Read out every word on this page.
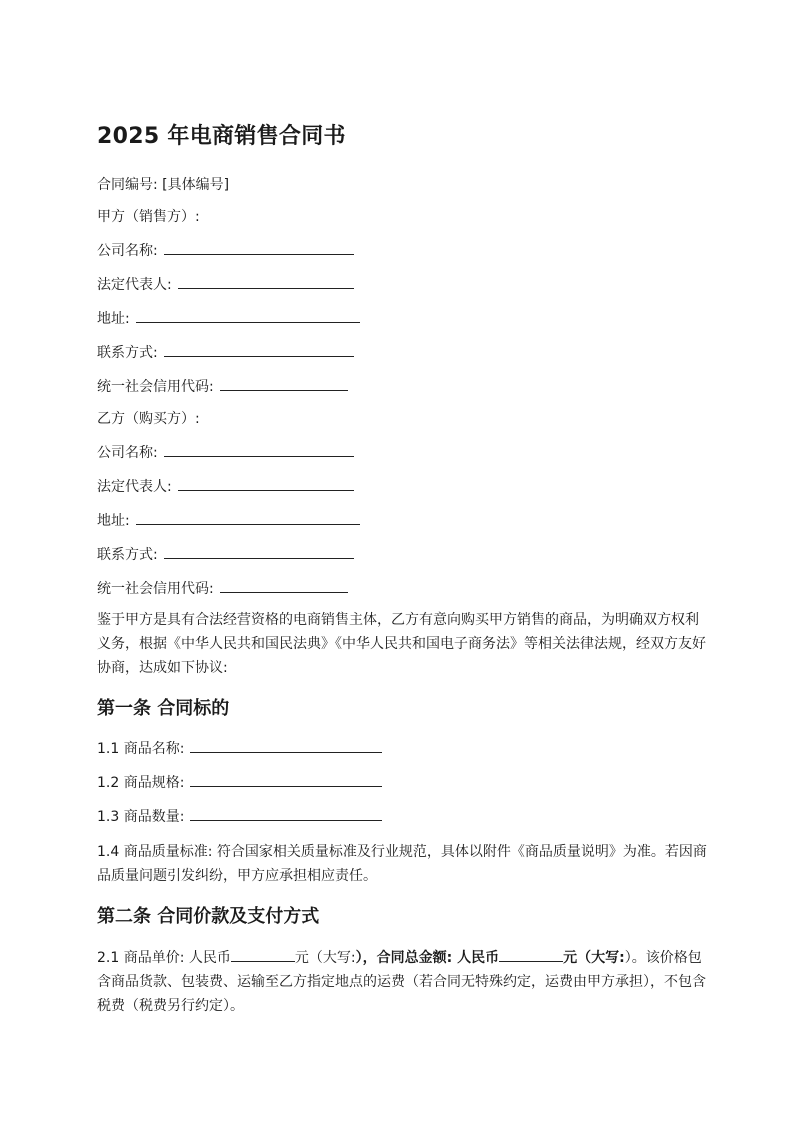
2025 年电商销售合同书
合同编号: [具体编号]
甲方（销售方）:
公司名称:
法定代表人:
地址:
联系方式:
统一社会信用代码:
乙方（购买方）:
公司名称:
法定代表人:
地址:
联系方式:
统一社会信用代码:
鉴于甲方是具有合法经营资格的电商销售主体，乙方有意向购买甲方销售的商品，为明确双方权利义务，根据《中华人民共和国民法典》《中华人民共和国电子商务法》等相关法律法规，经双方友好协商，达成如下协议:
第一条 合同标的
1.1 商品名称:
1.2 商品规格:
1.3 商品数量:
1.4 商品质量标准: 符合国家相关质量标准及行业规范，具体以附件《商品质量说明》为准。若因商品质量问题引发纠纷，甲方应承担相应责任。
第二条 合同价款及支付方式
2.1 商品单价: 人民币	元（大写:），合同总金额: 人民币	元（大写:）。该价格包含商品货款、包装费、运输至乙方指定地点的运费（若合同无特殊约定，运费由甲方承担），不包含税费（税费另行约定）。
